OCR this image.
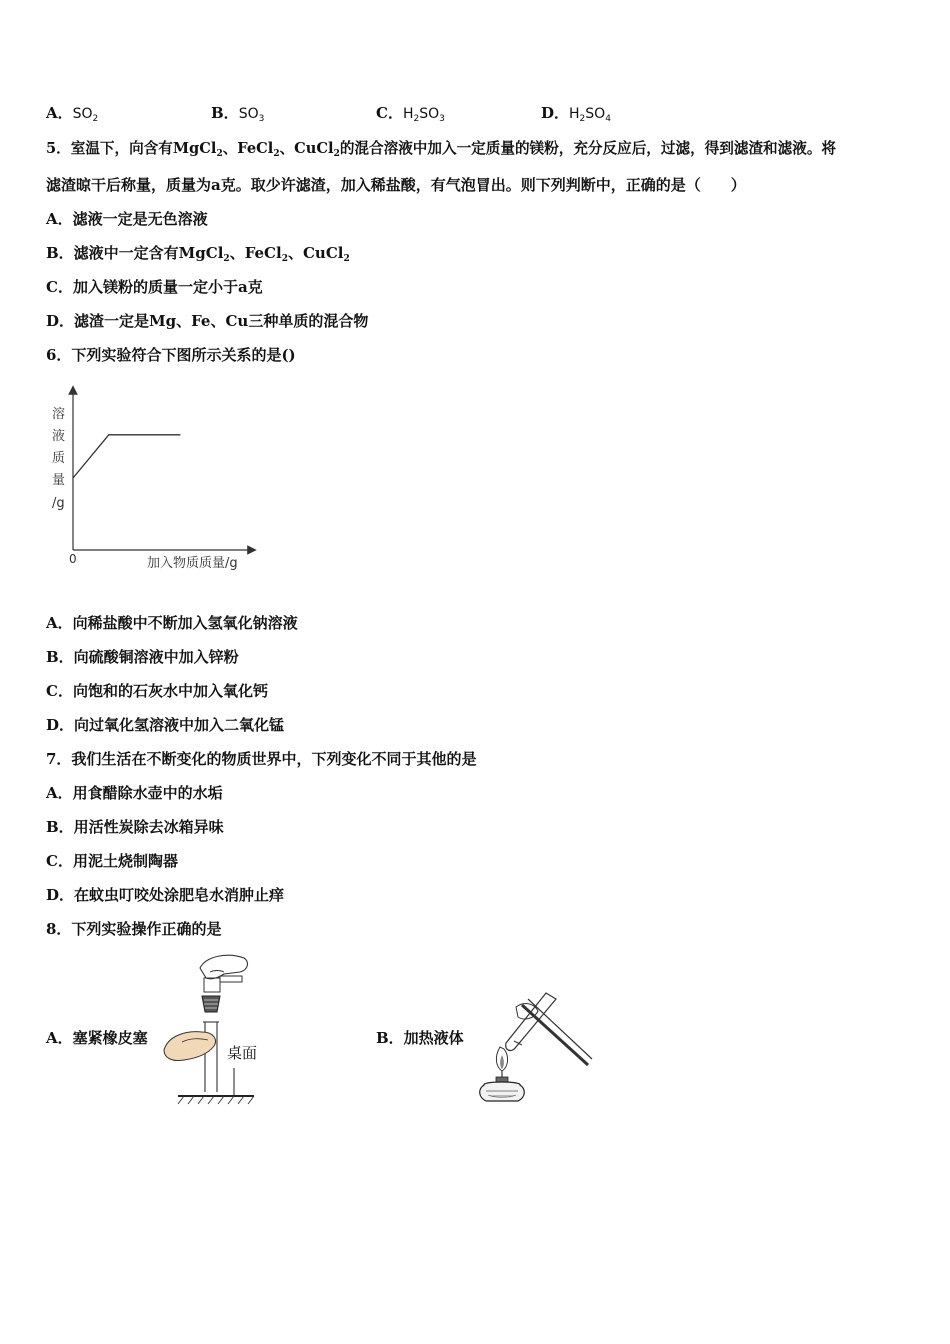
A．$SO_2$	B．$SO_3$	C．$H_2SO_3$	D．$H_2SO_4$
5．室温下，向含有MgCl$_2$、FeCl$_2$、CuCl$_2$的混合溶液中加入一定质量的镁粉，充分反应后，过滤，得到滤渣和滤液。将
滤渣晾干后称量，质量为a克。取少许滤渣，加入稀盐酸，有气泡冒出。则下列判断中，正确的是（　　）
A．滤液一定是无色溶液
B．滤液中一定含有MgCl$_2$、FeCl$_2$、CuCl$_2$
C．加入镁粉的质量一定小于a克
D．滤渣一定是Mg、Fe、Cu三种单质的混合物
6．下列实验符合下图所示关系的是()
溶
液
质
量
/g
0	加入物质质量/g
A．向稀盐酸中不断加入氢氧化钠溶液
B．向硫酸铜溶液中加入锌粉
C．向饱和的石灰水中加入氧化钙
D．向过氧化氢溶液中加入二氧化锰
7．我们生活在不断变化的物质世界中，下列变化不同于其他的是
A．用食醋除水壶中的水垢
B．用活性炭除去冰箱异味
C．用泥土烧制陶器
D．在蚊虫叮咬处涂肥皂水消肿止痒
8．下列实验操作正确的是
A．塞紧橡皮塞
桌面
B．加热液体
